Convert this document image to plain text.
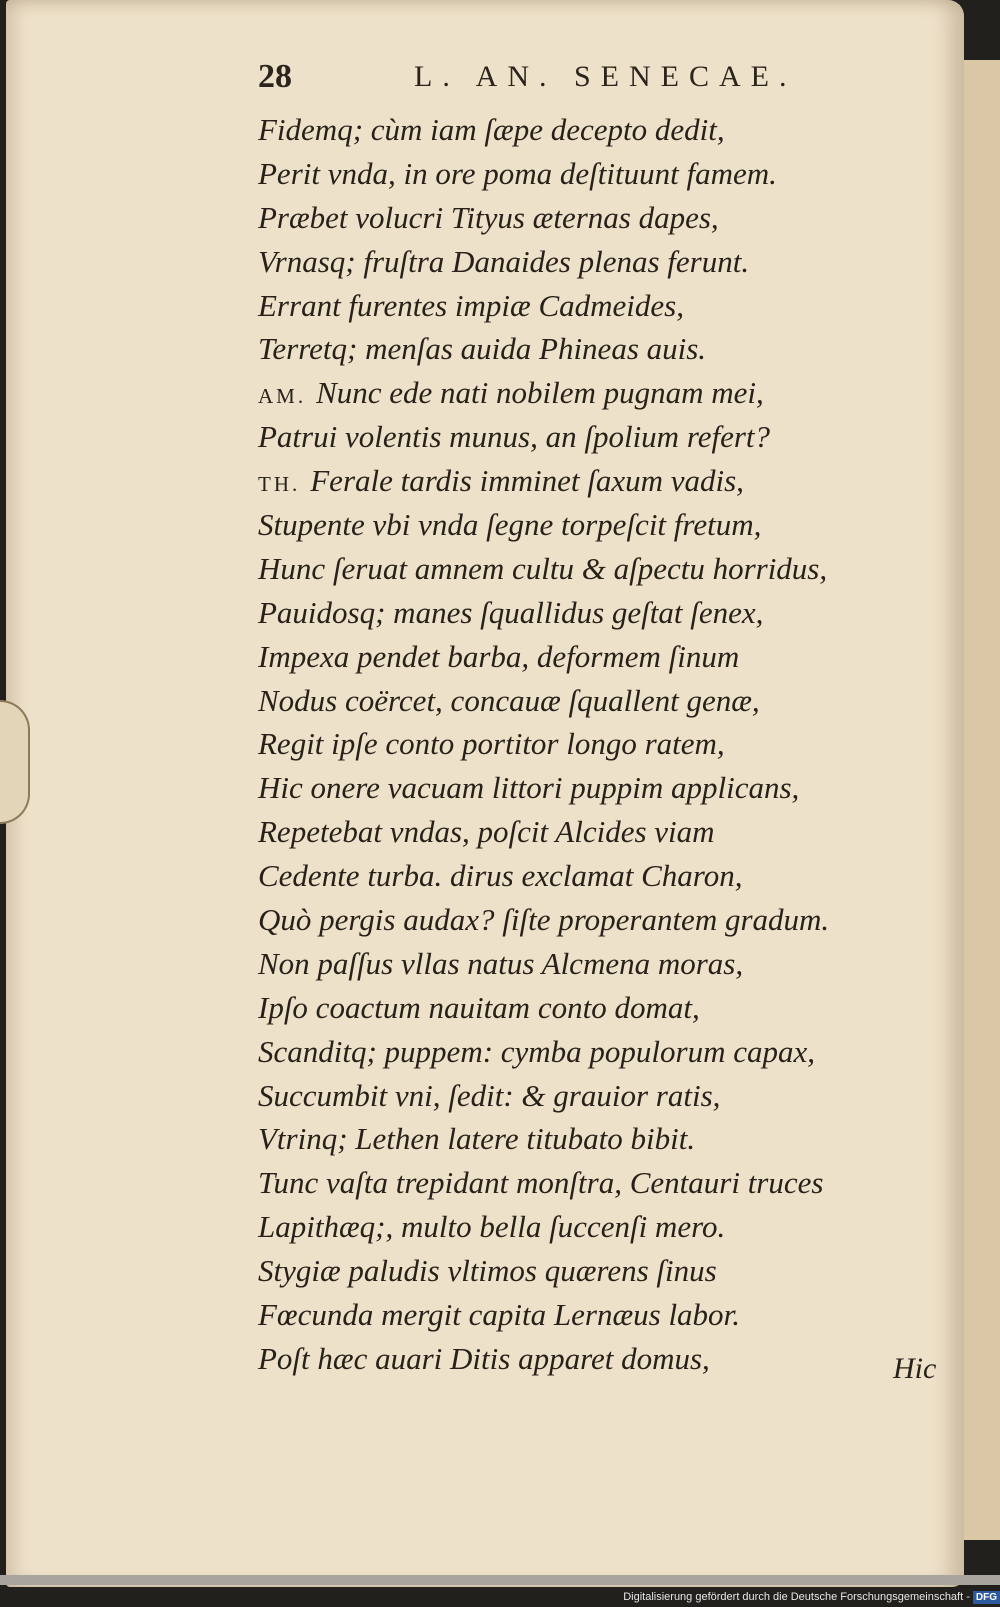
28	L. AN. SENECAE.
Fidemq; cùm iam ſæpe decepto dedit,
Perit vnda, in ore poma deſtituunt famem.
Præbet volucri Tityus æternas dapes,
Vrnasq; fruſtra Danaides plenas ferunt.
Errant furentes impiæ Cadmeides,
Terretq; menſas auida Phineas auis.
AM. Nunc ede nati nobilem pugnam mei,
Patrui volentis munus, an ſpolium refert?
TH. Ferale tardis imminet ſaxum vadis,
Stupente vbi vnda ſegne torpeſcit fretum,
Hunc ſeruat amnem cultu & aſpectu horridus,
Pauidosq; manes ſquallidus geſtat ſenex,
Impexa pendet barba, deformem ſinum
Nodus coërcet, concauæ ſquallent genæ,
Regit ipſe conto portitor longo ratem,
Hic onere vacuam littori puppim applicans,
Repetebat vndas, poſcit Alcides viam
Cedente turba. dirus exclamat Charon,
Quò pergis audax? ſiſte properantem gradum.
Non paſſus vllas natus Alcmena moras,
Ipſo coactum nauitam conto domat,
Scanditq; puppem: cymba populorum capax,
Succumbit vni, ſedit: & grauior ratis,
Vtrinq; Lethen latere titubato bibit.
Tunc vaſta trepidant monſtra, Centauri truces
Lapithæq;, multo bella ſuccenſi mero.
Stygiæ paludis vltimos quærens ſinus
Fœcunda mergit capita Lernæus labor.
Poſt hæc auari Ditis apparet domus,	Hic
Digitalisierung gefördert durch die Deutsche Forschungsgemeinschaft - DFG
